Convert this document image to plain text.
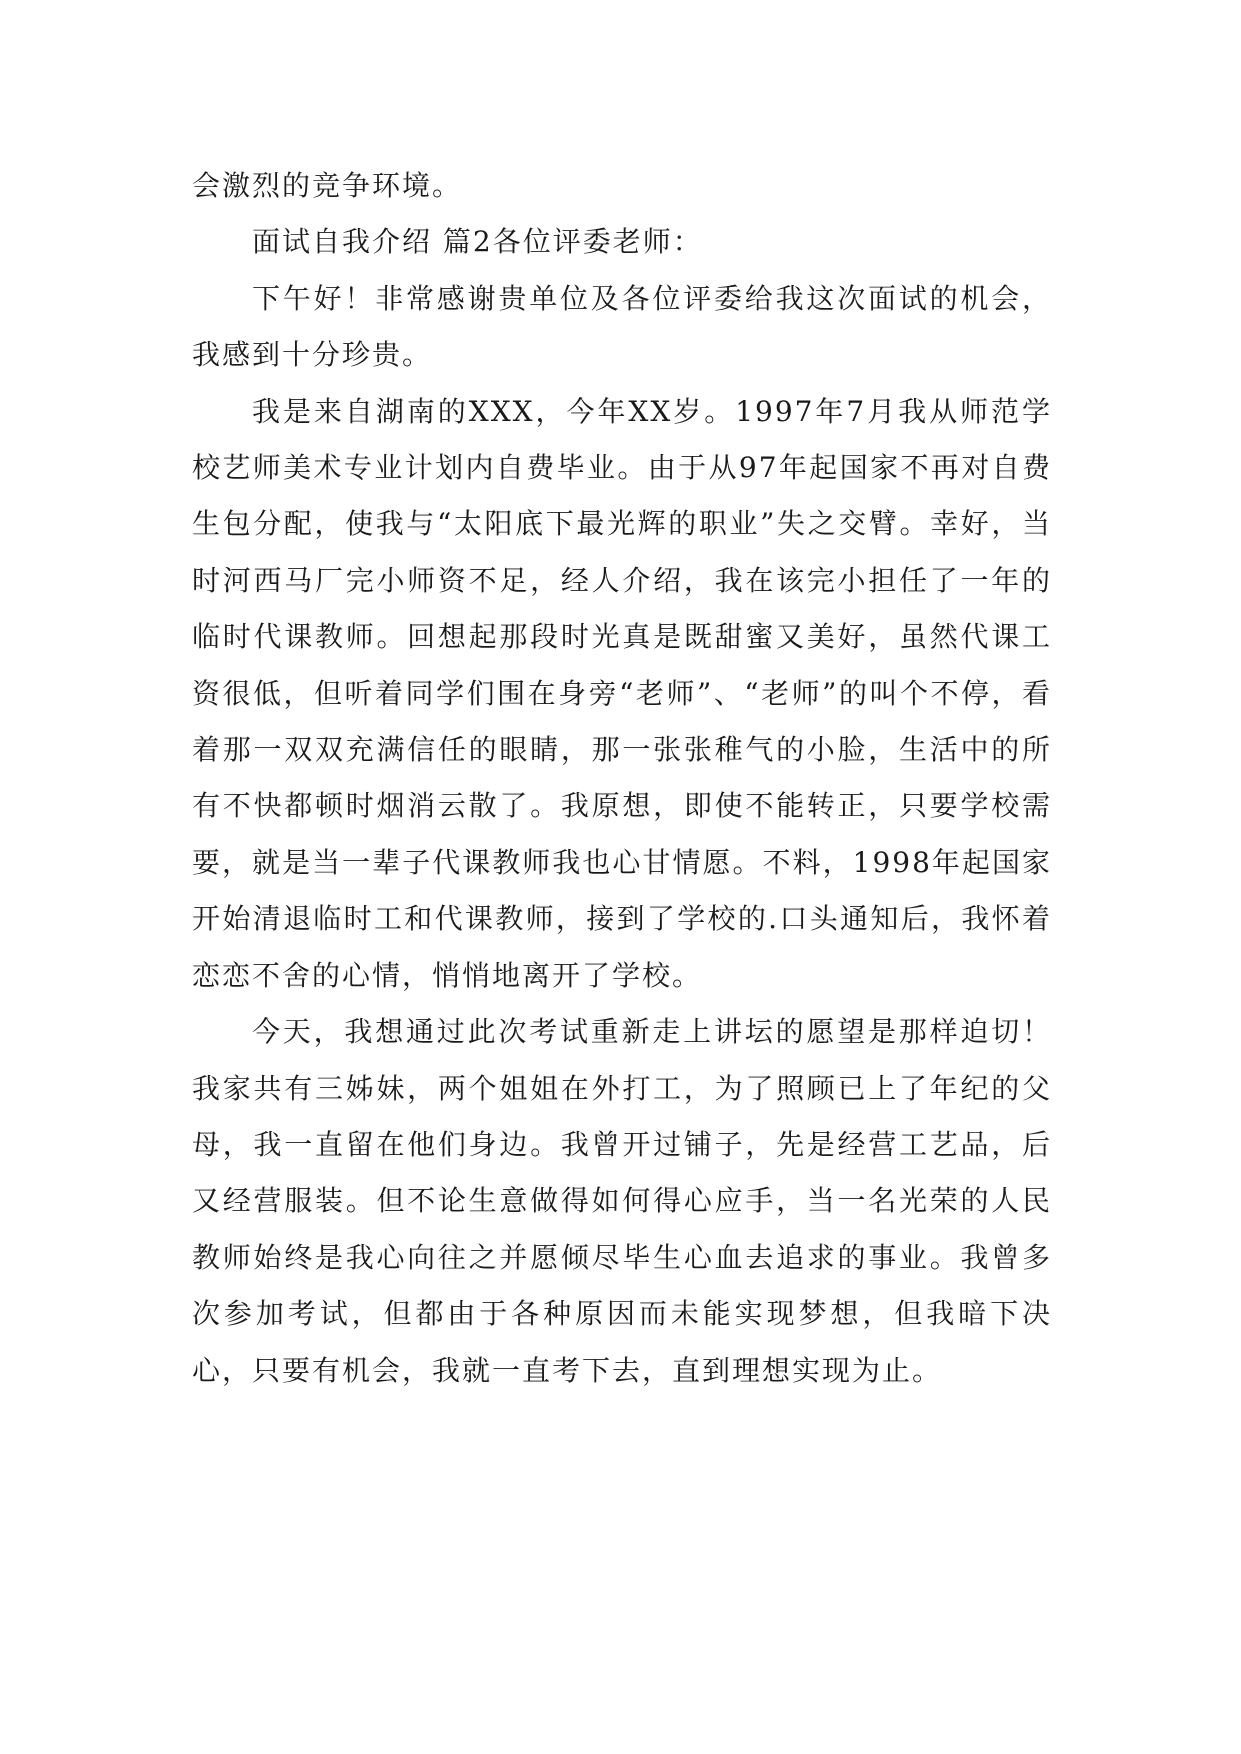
会激烈的竞争环境。

面试自我介绍 篇2各位评委老师：

下午好！非常感谢贵单位及各位评委给我这次面试的机会，我感到十分珍贵。

我是来自湖南的XXX，今年XX岁。1997年7月我从师范学校艺师美术专业计划内自费毕业。由于从97年起国家不再对自费生包分配，使我与“太阳底下最光辉的职业”失之交臂。幸好，当时河西马厂完小师资不足，经人介绍，我在该完小担任了一年的临时代课教师。回想起那段时光真是既甜蜜又美好，虽然代课工资很低，但听着同学们围在身旁“老师”、“老师”的叫个不停，看着那一双双充满信任的眼睛，那一张张稚气的小脸，生活中的所有不快都顿时烟消云散了。我原想，即使不能转正，只要学校需要，就是当一辈子代课教师我也心甘情愿。不料，1998年起国家开始清退临时工和代课教师，接到了学校的.口头通知后，我怀着恋恋不舍的心情，悄悄地离开了学校。

今天，我想通过此次考试重新走上讲坛的愿望是那样迫切！我家共有三姊妹，两个姐姐在外打工，为了照顾已上了年纪的父母，我一直留在他们身边。我曾开过铺子，先是经营工艺品，后又经营服装。但不论生意做得如何得心应手，当一名光荣的人民教师始终是我心向往之并愿倾尽毕生心血去追求的事业。我曾多次参加考试，但都由于各种原因而未能实现梦想，但我暗下决心，只要有机会，我就一直考下去，直到理想实现为止。
